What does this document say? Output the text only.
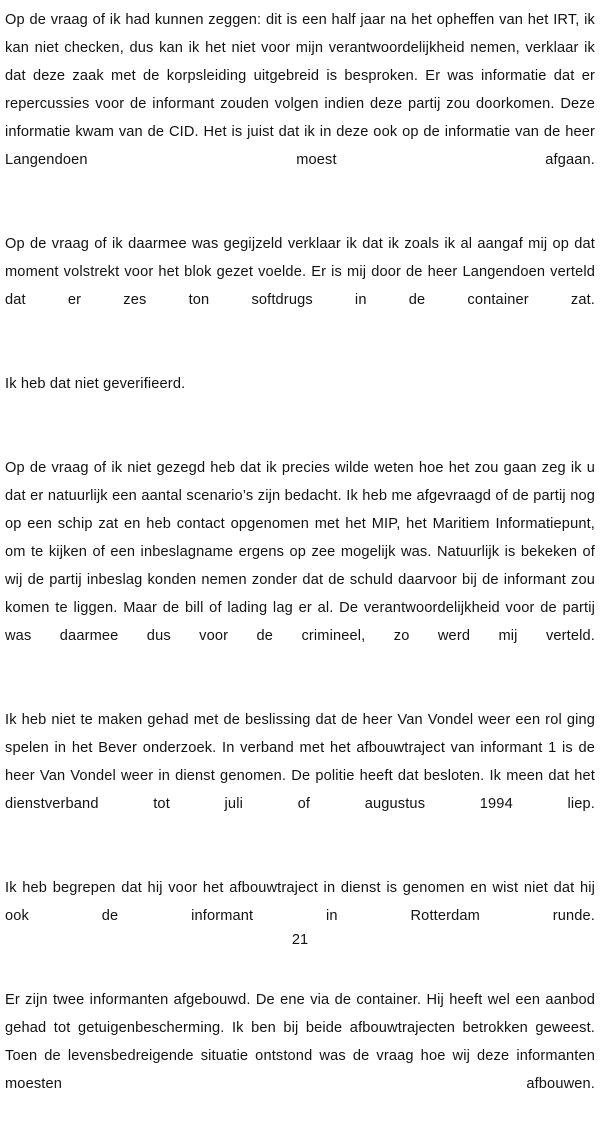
Op de vraag of ik had kunnen zeggen: dit is een half jaar na het opheffen van het IRT, ik kan niet checken, dus kan ik het niet voor mijn verantwoordelijkheid nemen, verklaar ik dat deze zaak met de korpsleiding uitgebreid is besproken. Er was informatie dat er repercussies voor de informant zouden volgen indien deze partij zou doorkomen. Deze informatie kwam van de CID. Het is juist dat ik in deze ook op de informatie van de heer Langendoen moest afgaan.

Op de vraag of ik daarmee was gegijzeld verklaar ik dat ik zoals ik al aangaf mij op dat moment volstrekt voor het blok gezet voelde. Er is mij door de heer Langendoen verteld dat er zes ton softdrugs in de container zat.

Ik heb dat niet geverifieerd.

Op de vraag of ik niet gezegd heb dat ik precies wilde weten hoe het zou gaan zeg ik u dat er natuurlijk een aantal scenario’s zijn bedacht. Ik heb me afgevraagd of de partij nog op een schip zat en heb contact opgenomen met het MIP, het Maritiem Informatiepunt, om te kijken of een inbeslagname ergens op zee mogelijk was. Natuurlijk is bekeken of wij de partij inbeslag konden nemen zonder dat de schuld daarvoor bij de informant zou komen te liggen. Maar de bill of lading lag er al. De verantwoordelijkheid voor de partij was daarmee dus voor de crimineel, zo werd mij verteld.

Ik heb niet te maken gehad met de beslissing dat de heer Van Vondel weer een rol ging spelen in het Bever onderzoek. In verband met het afbouwtraject van informant 1 is de heer Van Vondel weer in dienst genomen. De politie heeft dat besloten. Ik meen dat het dienstverband tot juli of augustus 1994 liep.

Ik heb begrepen dat hij voor het afbouwtraject in dienst is genomen en wist niet dat hij ook de informant in Rotterdam runde.

Er zijn twee informanten afgebouwd. De ene via de container. Hij heeft wel een aanbod gehad tot getuigenbescherming. Ik ben bij beide afbouwtrajecten betrokken geweest. Toen de levensbedreigende situatie ontstond was de vraag hoe wij deze informanten moesten afbouwen.

21
